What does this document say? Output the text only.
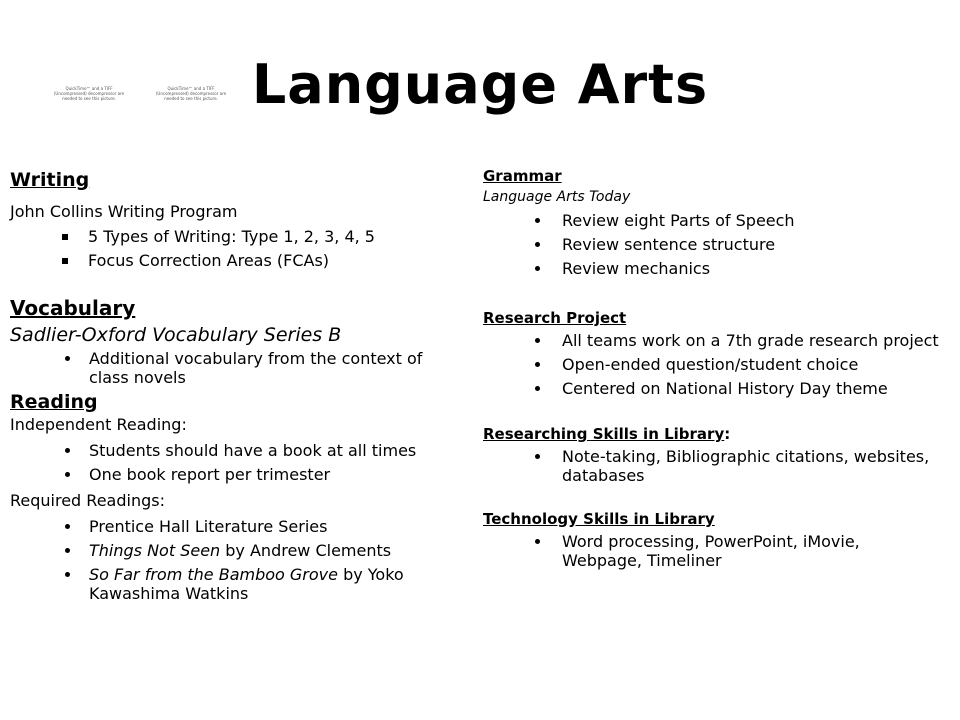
QuickTime™ and a TIFF (Uncompressed) decompressor are needed to see this picture.
QuickTime™ and a TIFF (Uncompressed) decompressor are needed to see this picture. Language Arts
Writing
John Collins Writing Program
5 Types of Writing: Type 1, 2, 3, 4, 5
Focus Correction Areas (FCAs)
Vocabulary
Sadlier-Oxford Vocabulary Series B
Additional vocabulary from the context of class novels
Reading
Independent Reading:
Students should have a book at all times
One book report per trimester
Required Readings:
Prentice Hall Literature Series
Things Not Seen by Andrew Clements
So Far from the Bamboo Grove by Yoko Kawashima Watkins
Grammar
Language Arts Today
Review eight Parts of Speech
Review sentence structure
Review mechanics
Research Project
All teams work on a 7th grade research project
Open-ended question/student choice
Centered on National History Day theme
Researching Skills in Library:
Note-taking, Bibliographic citations, websites, databases
Technology Skills in Library
Word processing, PowerPoint, iMovie, Webpage, Timeliner
